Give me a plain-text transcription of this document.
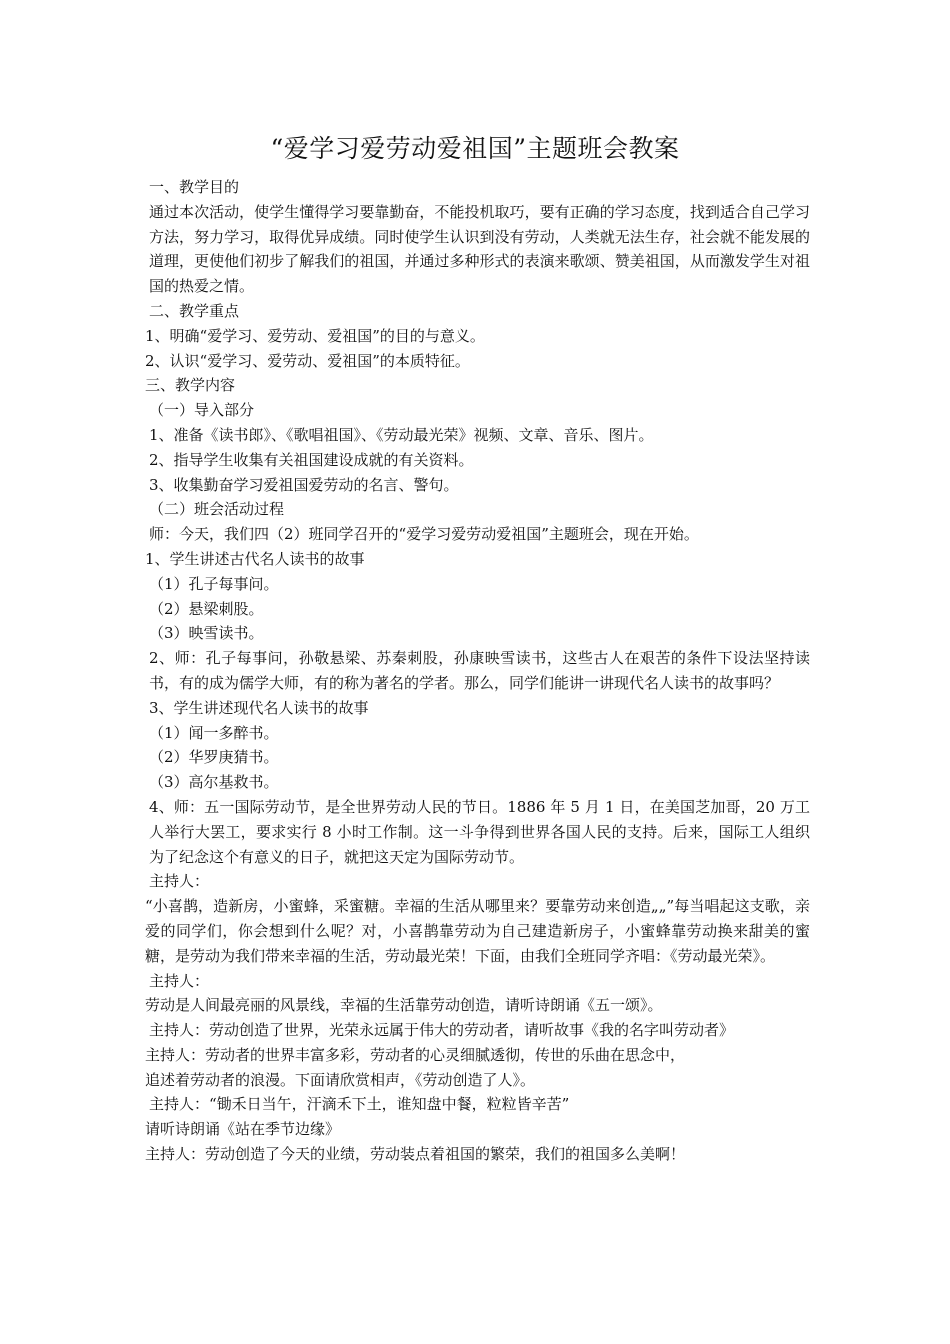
“爱学习爱劳动爱祖国”主题班会教案

一、教学目的

通过本次活动，使学生懂得学习要靠勤奋，不能投机取巧，要有正确的学习态度，找到适合自己学习方法，努力学习，取得优异成绩。同时使学生认识到没有劳动，人类就无法生存，社会就不能发展的道理，更使他们初步了解我们的祖国，并通过多种形式的表演来歌颂、赞美祖国，从而激发学生对祖国的热爱之情。

二、教学重点

1、明确“爱学习、爱劳动、爱祖国”的目的与意义。

2、认识“爱学习、爱劳动、爱祖国”的本质特征。

三、教学内容

（一）导入部分

1、准备《读书郎》、《歌唱祖国》、《劳动最光荣》视频、文章、音乐、图片。

2、指导学生收集有关祖国建设成就的有关资料。

3、收集勤奋学习爱祖国爱劳动的名言、警句。

（二）班会活动过程

师：今天，我们四（2）班同学召开的“爱学习爱劳动爱祖国”主题班会，现在开始。

1、学生讲述古代名人读书的故事

（1）孔子每事问。

（2）悬梁刺股。

（3）映雪读书。

2、师：孔子每事问，孙敬悬梁、苏秦刺股，孙康映雪读书，这些古人在艰苦的条件下设法坚持读书，有的成为儒学大师，有的称为著名的学者。那么，同学们能讲一讲现代名人读书的故事吗？

3、学生讲述现代名人读书的故事

（1）闻一多醉书。

（2）华罗庚猜书。

（3）高尔基救书。

4、师：五一国际劳动节，是全世界劳动人民的节日。1886 年 5 月 1 日，在美国芝加哥，20 万工人举行大罢工，要求实行 8 小时工作制。这一斗争得到世界各国人民的支持。后来，国际工人组织为了纪念这个有意义的日子，就把这天定为国际劳动节。

主持人：

“小喜鹊，造新房，小蜜蜂，采蜜糖。幸福的生活从哪里来？要靠劳动来创造„„”每当唱起这支歌，亲爱的同学们，你会想到什么呢？对，小喜鹊靠劳动为自己建造新房子，小蜜蜂靠劳动换来甜美的蜜糖，是劳动为我们带来幸福的生活，劳动最光荣！下面，由我们全班同学齐唱：《劳动最光荣》。

主持人：

劳动是人间最亮丽的风景线，幸福的生活靠劳动创造，请听诗朗诵《五一颂》。

主持人：劳动创造了世界，光荣永远属于伟大的劳动者，请听故事《我的名字叫劳动者》

主持人：劳动者的世界丰富多彩，劳动者的心灵细腻透彻，传世的乐曲在思念中，

追述着劳动者的浪漫。下面请欣赏相声，《劳动创造了人》。

主持人：“锄禾日当午，汗滴禾下土，谁知盘中餐，粒粒皆辛苦”

请听诗朗诵《站在季节边缘》

主持人：劳动创造了今天的业绩，劳动装点着祖国的繁荣，我们的祖国多么美啊！
